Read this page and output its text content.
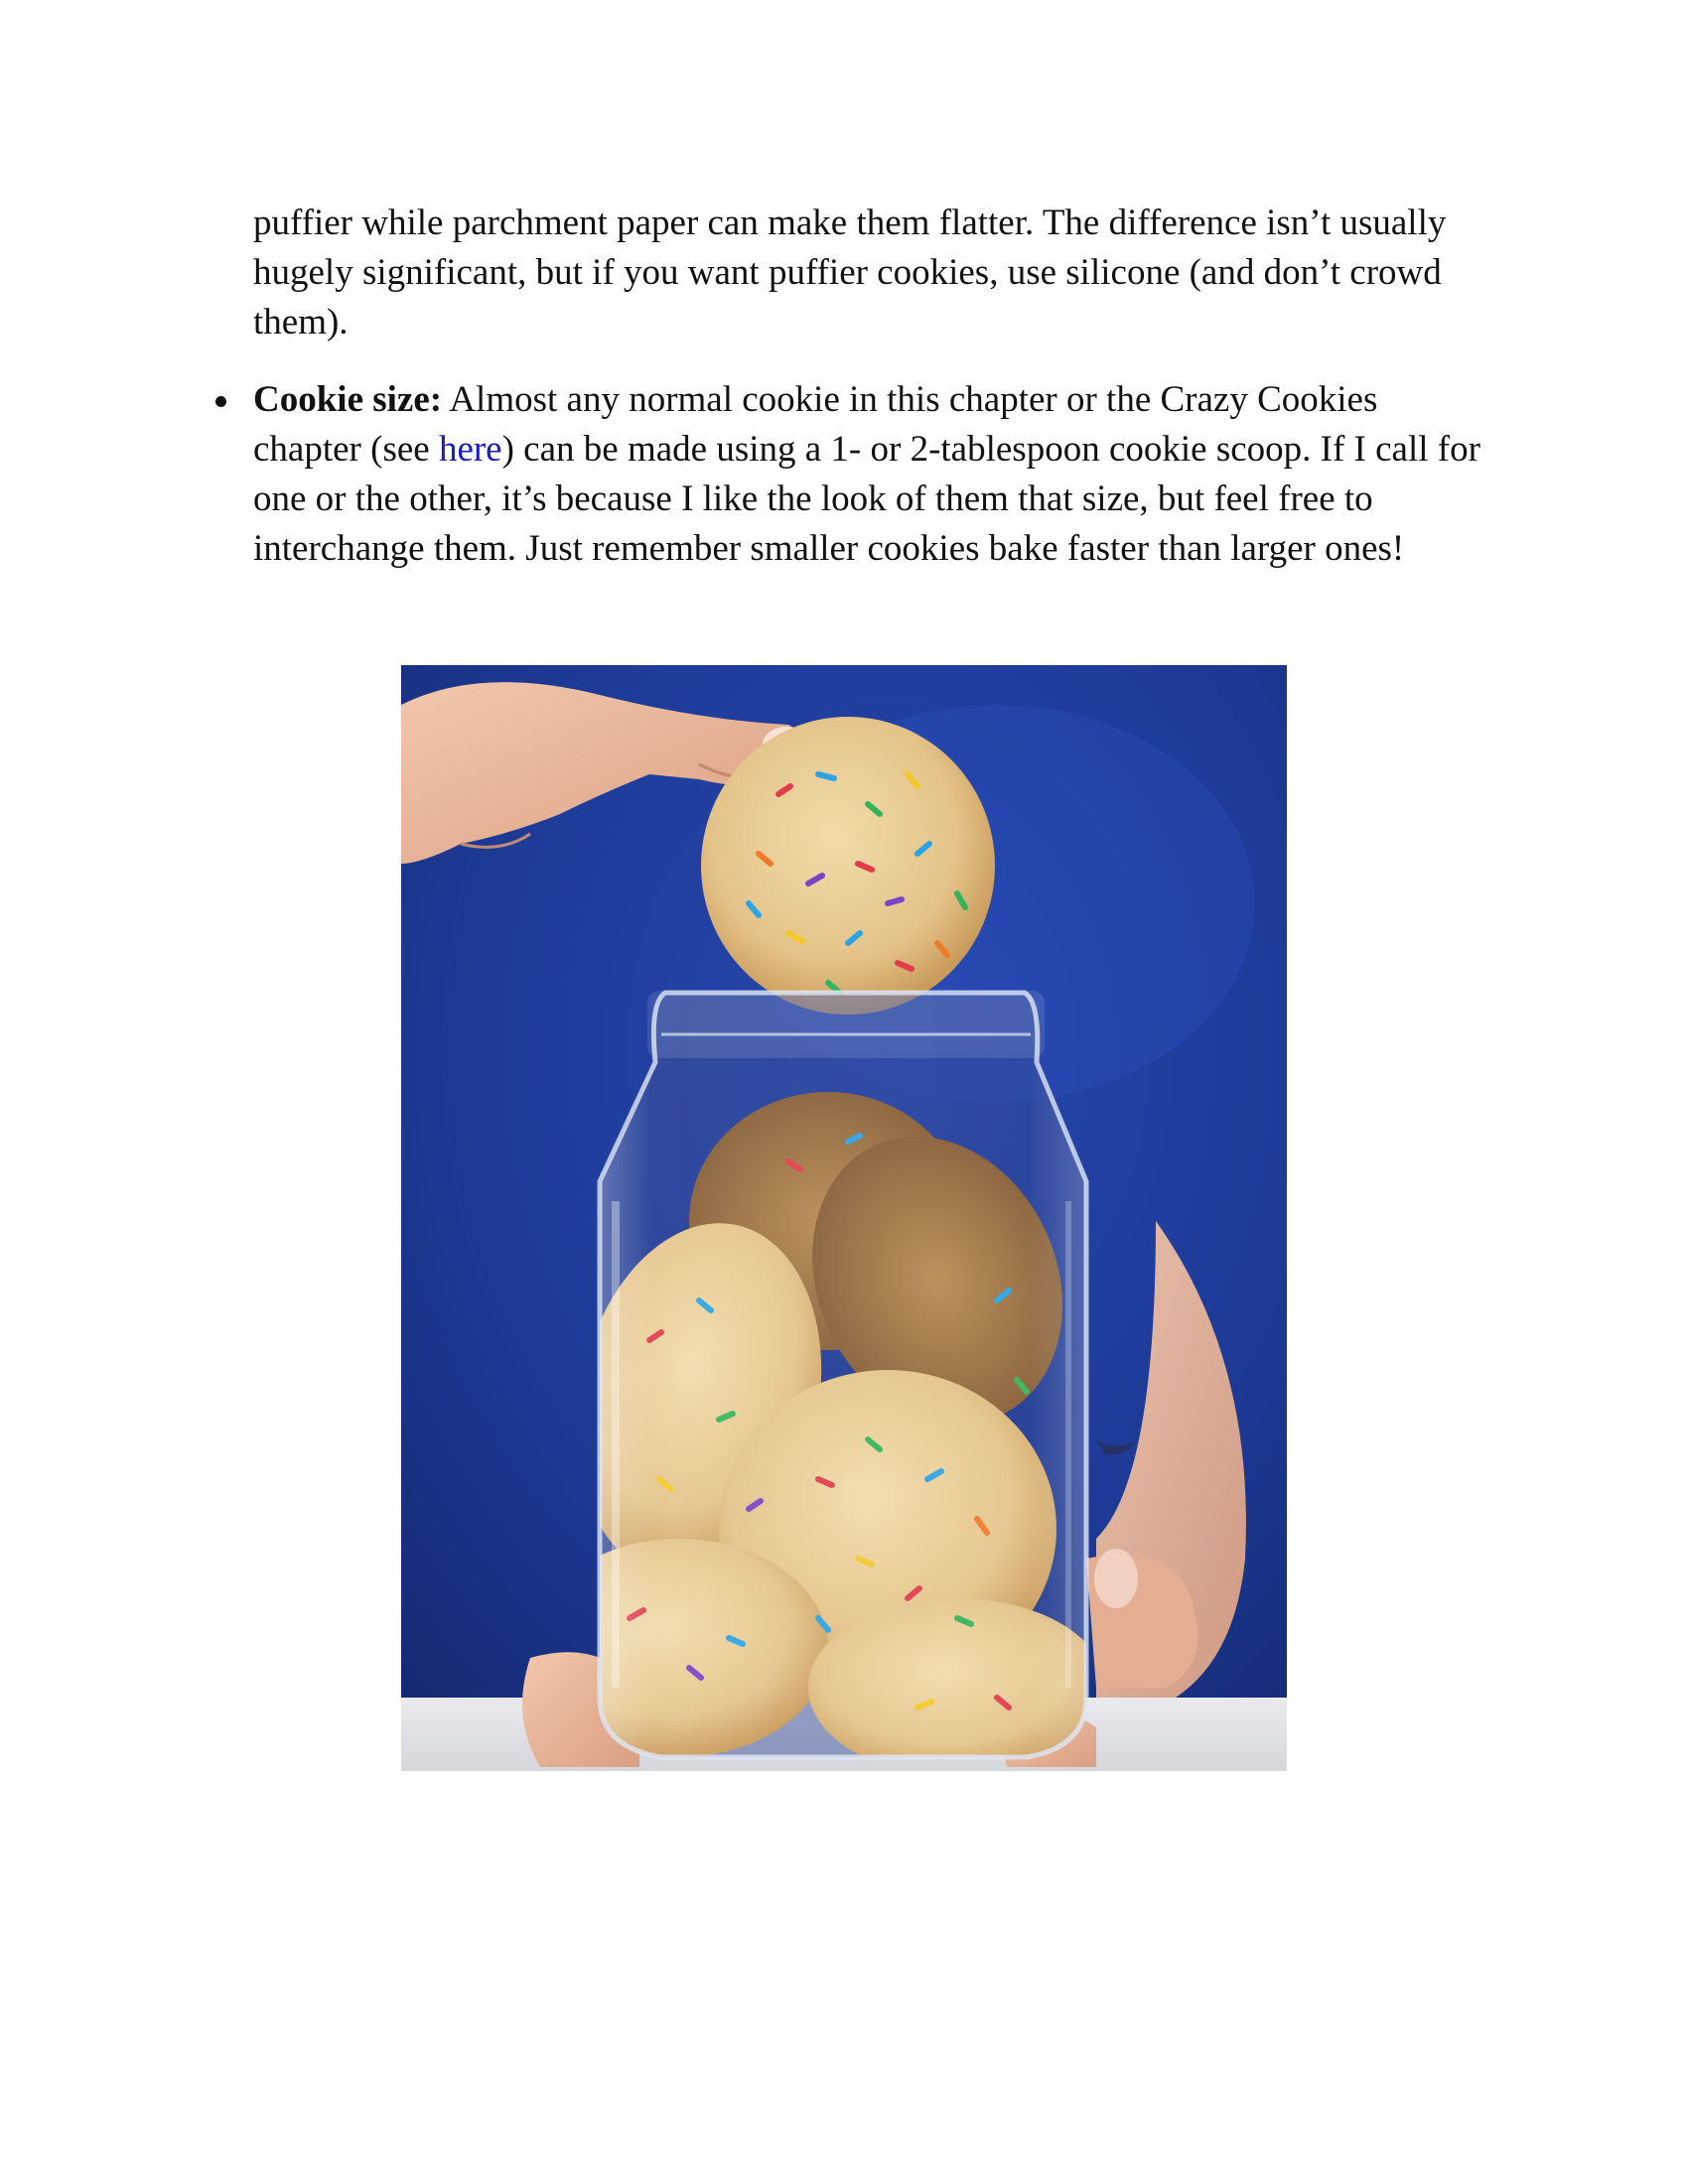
puffier while parchment paper can make them flatter. The difference isn’t usually hugely significant, but if you want puffier cookies, use silicone (and don’t crowd them).

Cookie size: Almost any normal cookie in this chapter or the Crazy Cookies chapter (see here) can be made using a 1- or 2-tablespoon cookie scoop. If I call for one or the other, it’s because I like the look of them that size, but feel free to interchange them. Just remember smaller cookies bake faster than larger ones!
